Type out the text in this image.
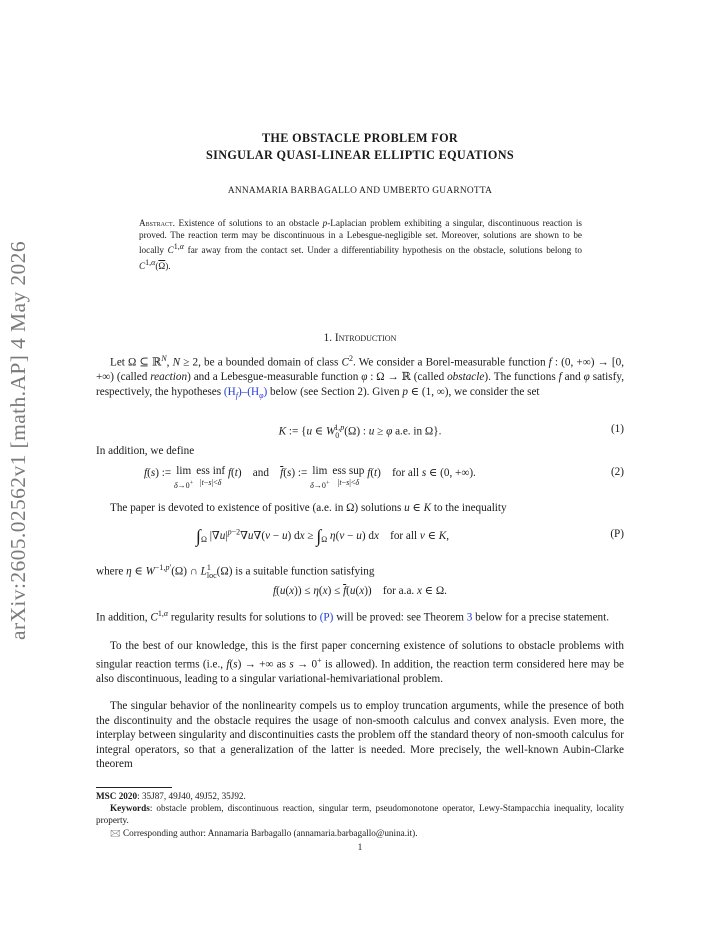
arXiv:2605.02562v1 [math.AP] 4 May 2026
THE OBSTACLE PROBLEM FOR
SINGULAR QUASI-LINEAR ELLIPTIC EQUATIONS
ANNAMARIA BARBAGALLO AND UMBERTO GUARNOTTA
Abstract. Existence of solutions to an obstacle p-Laplacian problem exhibiting a singular, discontinuous reaction is proved. The reaction term may be discontinuous in a Lebesgue-negligible set. Moreover, solutions are shown to be locally $C^{1,\alpha}$ far away from the contact set. Under a differentiability hypothesis on the obstacle, solutions belong to $C^{1,\alpha}(\overline{\Omega})$.
1. Introduction
Let Ω ⊆ ℝ$^N$, N ≥ 2, be a bounded domain of class $C^2$. We consider a Borel-measurable function f : (0, +∞) → [0, +∞) (called reaction) and a Lebesgue-measurable function φ : Ω → ℝ (called obstacle). The functions f and φ satisfy, respectively, the hypotheses $(H_f)-(H_\varphi)$ below (see Section 2). Given p ∈ (1, ∞), we consider the set
K := {u ∈ $W_0^{1,p}(\Omega)$ : u ≥ φ a.e. in Ω}.	(1)
In addition, we define
f(s) := lim
δ→0+ ess inf
|t−s|<δ f(t)    and    $\overline{f}(s)$ := lim
δ→0+ ess sup
|t−s|<δ f(t)    for all s ∈ (0, +∞).	(2)
The paper is devoted to existence of positive (a.e. in Ω) solutions u ∈ K to the inequality
$\int_\Omega$ $|\nabla u|^{p-2}\nabla u\nabla(v - u)$ dx ≥ $\int_\Omega$ η(v − u) dx    for all v ∈ K,	(P)
where η ∈ $W^{-1,p'}(\Omega)$ ∩ $L^1_{loc}(\Omega)$ is a suitable function satisfying
$f(u(x)) \le \eta(x) \le \overline{f}(u(x))$    for a.a. x ∈ Ω.
In addition, $C^{1,\alpha}$ regularity results for solutions to (P) will be proved: see Theorem 3 below for a precise statement.
To the best of our knowledge, this is the first paper concerning existence of solutions to obstacle problems with singular reaction terms (i.e., f(s) → +∞ as s → 0+ is allowed). In addition, the reaction term considered here may be also discontinuous, leading to a singular variational-hemivariational problem.
The singular behavior of the nonlinearity compels us to employ truncation arguments, while the presence of both the discontinuity and the obstacle requires the usage of non-smooth calculus and convex analysis. Even more, the interplay between singularity and discontinuities casts the problem off the standard theory of non-smooth calculus for integral operators, so that a generalization of the latter is needed. More precisely, the well-known Aubin-Clarke theorem
MSC 2020: 35J87, 49J40, 49J52, 35J92.
Keywords: obstacle problem, discontinuous reaction, singular term, pseudomonotone operator, Lewy-Stampacchia inequality, locality property.
🖂 Corresponding author: Annamaria Barbagallo (annamaria.barbagallo@unina.it).
1
